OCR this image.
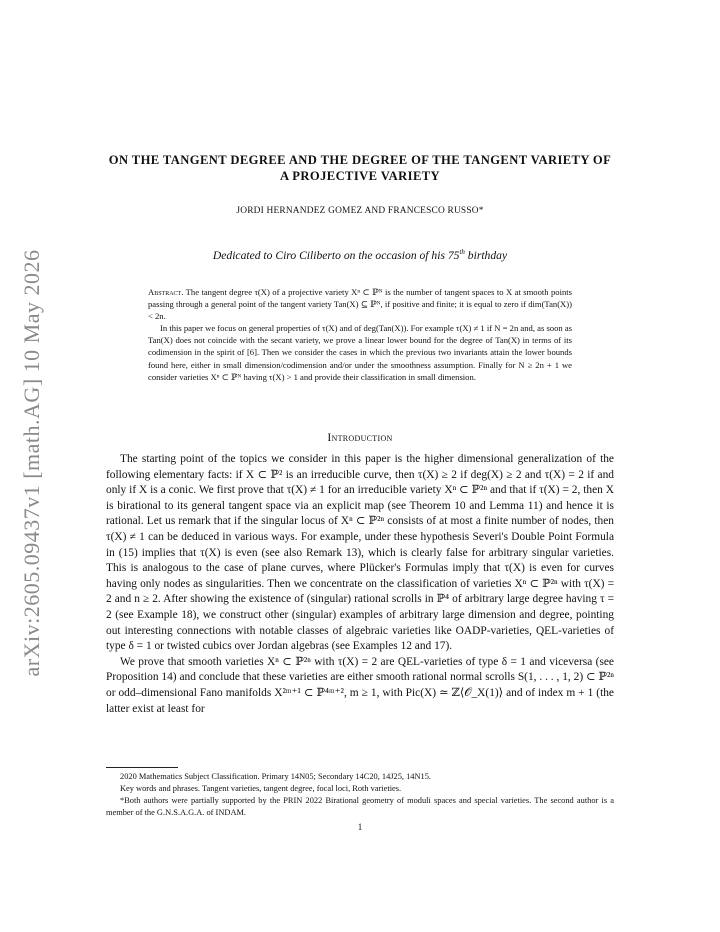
arXiv:2605.09437v1 [math.AG] 10 May 2026
ON THE TANGENT DEGREE AND THE DEGREE OF THE TANGENT VARIETY OF A PROJECTIVE VARIETY
JORDI HERNANDEZ GOMEZ AND FRANCESCO RUSSO*
Dedicated to Ciro Ciliberto on the occasion of his 75th birthday

Abstract. The tangent degree τ(X) of a projective variety Xⁿ ⊂ ℙᴺ is the number of tangent spaces to X at smooth points passing through a general point of the tangent variety Tan(X) ⊆ ℙᴺ, if positive and finite; it is equal to zero if dim(Tan(X)) < 2n.

In this paper we focus on general properties of τ(X) and of deg(Tan(X)). For example τ(X) ≠ 1 if N = 2n and, as soon as Tan(X) does not coincide with the secant variety, we prove a linear lower bound for the degree of Tan(X) in terms of its codimension in the spirit of [6]. Then we consider the cases in which the previous two invariants attain the lower bounds found here, either in small dimension/codimension and/or under the smoothness assumption. Finally for N ≥ 2n + 1 we consider varieties Xⁿ ⊂ ℙᴺ having τ(X) > 1 and provide their classification in small dimension.

Introduction

The starting point of the topics we consider in this paper is the higher dimensional generalization of the following elementary facts: if X ⊂ ℙ² is an irreducible curve, then τ(X) ≥ 2 if deg(X) ≥ 2 and τ(X) = 2 if and only if X is a conic. We first prove that τ(X) ≠ 1 for an irreducible variety Xⁿ ⊂ ℙ²ⁿ and that if τ(X) = 2, then X is birational to its general tangent space via an explicit map (see Theorem 10 and Lemma 11) and hence it is rational. Let us remark that if the singular locus of Xⁿ ⊂ ℙ²ⁿ consists of at most a finite number of nodes, then τ(X) ≠ 1 can be deduced in various ways. For example, under these hypothesis Severi's Double Point Formula in (15) implies that τ(X) is even (see also Remark 13), which is clearly false for arbitrary singular varieties. This is analogous to the case of plane curves, where Plücker's Formulas imply that τ(X) is even for curves having only nodes as singularities. Then we concentrate on the classification of varieties Xⁿ ⊂ ℙ²ⁿ with τ(X) = 2 and n ≥ 2. After showing the existence of (singular) rational scrolls in ℙ⁴ of arbitrary large degree having τ = 2 (see Example 18), we construct other (singular) examples of arbitrary large dimension and degree, pointing out interesting connections with notable classes of algebraic varieties like OADP-varieties, QEL-varieties of type δ = 1 or twisted cubics over Jordan algebras (see Examples 12 and 17).

We prove that smooth varieties Xⁿ ⊂ ℙ²ⁿ with τ(X) = 2 are QEL-varieties of type δ = 1 and viceversa (see Proposition 14) and conclude that these varieties are either smooth rational normal scrolls S(1, . . . , 1, 2) ⊂ ℙ²ⁿ or odd–dimensional Fano manifolds X²ᵐ⁺¹ ⊂ ℙ⁴ᵐ⁺², m ≥ 1, with Pic(X) ≃ ℤ⟨𝒪_X(1)⟩ and of index m + 1 (the latter exist at least for

2020 Mathematics Subject Classification. Primary 14N05; Secondary 14C20, 14J25, 14N15.

Key words and phrases. Tangent varieties, tangent degree, focal loci, Roth varieties.

*Both authors were partially supported by the PRIN 2022 Birational geometry of moduli spaces and special varieties. The second author is a member of the G.N.S.A.G.A. of INDAM.

1
